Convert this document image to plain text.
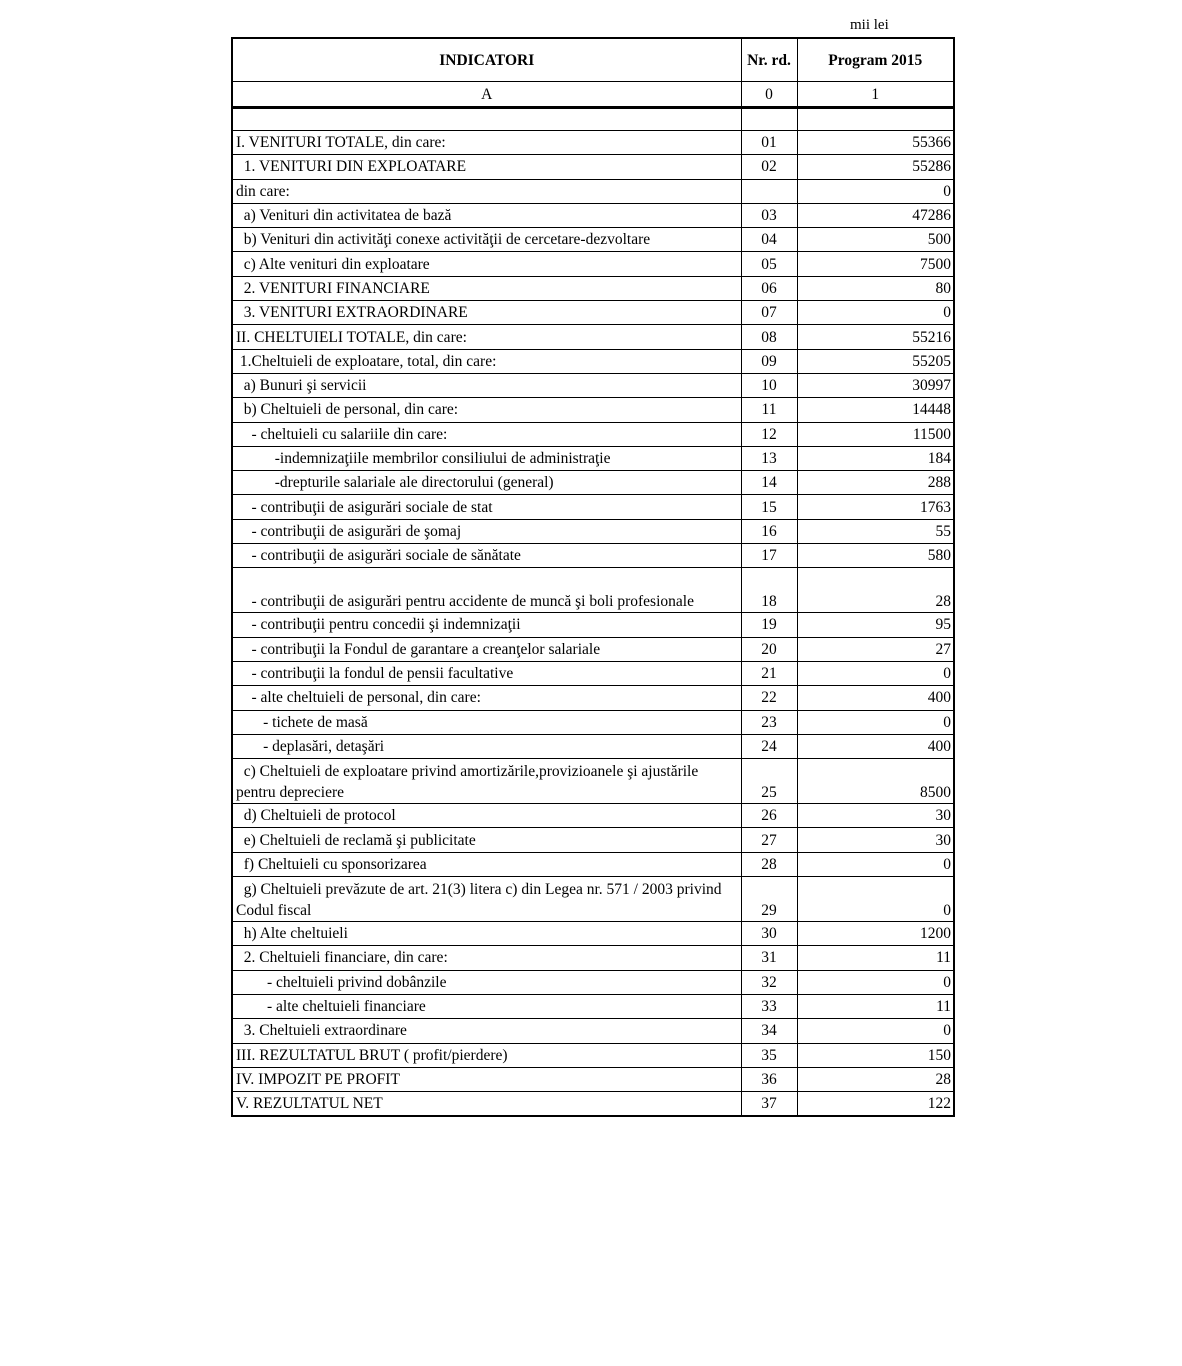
mii lei
INDICATORI	Nr. rd.	Program 2015
A	0	1

I. VENITURI TOTALE, din care:	01	55366
1. VENITURI DIN EXPLOATARE	02	55286
din care:		0
a) Venituri din activitatea de bază	03	47286
b) Venituri din activităţi conexe activităţii de cercetare-dezvoltare	04	500
c) Alte venituri din exploatare	05	7500
2. VENITURI FINANCIARE	06	80
3. VENITURI EXTRAORDINARE	07	0
II. CHELTUIELI TOTALE, din care:	08	55216
1.Cheltuieli de exploatare, total, din care:	09	55205
a) Bunuri şi servicii	10	30997
b) Cheltuieli de personal, din care:	11	14448
- cheltuieli cu salariile din care:	12	11500
-indemnizaţiile membrilor consiliului de administraţie	13	184
-drepturile salariale ale directorului (general)	14	288
- contribuţii de asigurări sociale de stat	15	1763
- contribuţii de asigurări de şomaj	16	55
- contribuţii de asigurări sociale de sănătate	17	580
- contribuţii de asigurări pentru accidente de muncă şi boli profesionale	18	28
- contribuţii pentru concedii şi indemnizaţii	19	95
- contribuţii la Fondul de garantare a creanţelor salariale	20	27
- contribuţii la fondul de pensii facultative	21	0
- alte cheltuieli de personal, din care:	22	400
- tichete de masă	23	0
- deplasări, detaşări	24	400
c) Cheltuieli de exploatare privind amortizările,provizioanele şi ajustările pentru depreciere	25	8500
d) Cheltuieli de protocol	26	30
e) Cheltuieli de reclamă şi publicitate	27	30
f) Cheltuieli cu sponsorizarea	28	0
g) Cheltuieli prevăzute de art. 21(3) litera c) din Legea nr. 571 / 2003 privind Codul fiscal	29	0
h) Alte cheltuieli	30	1200
2. Cheltuieli financiare, din care:	31	11
- cheltuieli privind dobânzile	32	0
- alte cheltuieli financiare	33	11
3. Cheltuieli extraordinare	34	0
III. REZULTATUL BRUT ( profit/pierdere)	35	150
IV. IMPOZIT PE PROFIT	36	28
V. REZULTATUL NET	37	122
